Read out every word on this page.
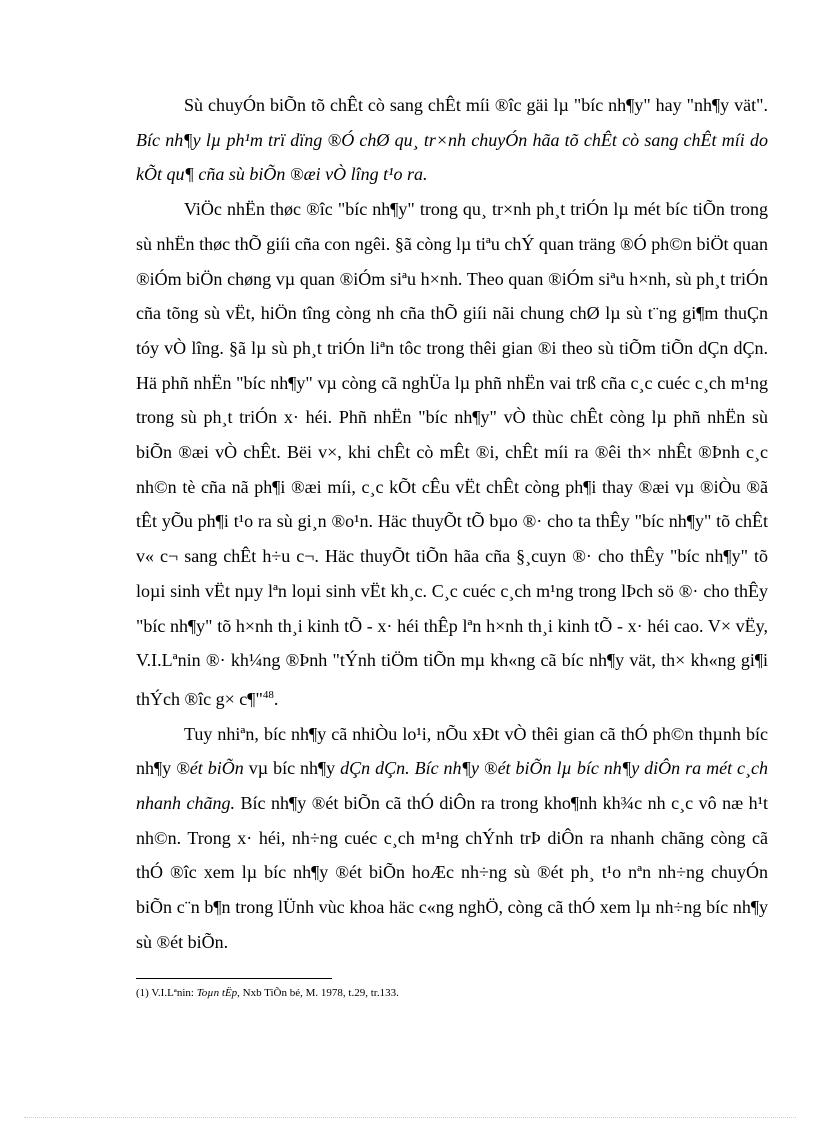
Sù chuyÓn biÕn tõ chÊt cò sang chÊt míi ®îc gäi lµ "bíc nh¶y" hay "nh¶y vät". Bíc nh¶y lµ ph¹m trï dïng ®Ó chØ qu¸ tr×nh chuyÓn hãa tõ chÊt cò sang chÊt míi do kÕt qu¶ cña sù biÕn ®æi vÒ lîng t¹o ra.

ViÖc nhËn thøc ®îc "bíc nh¶y" trong qu¸ tr×nh ph¸t triÓn lµ mét bíc tiÕn trong sù nhËn thøc thÕ giíi cña con ngêi. §ã còng lµ tiªu chÝ quan träng ®Ó ph©n biÖt quan ®iÓm biÖn chøng vµ quan ®iÓm siªu h×nh. Theo quan ®iÓm siªu h×nh, sù ph¸t triÓn cña tõng sù vËt, hiÖn tîng còng nh cña thÕ giíi nãi chung chØ lµ sù t¨ng gi¶m thuÇn tóy vÒ lîng. §ã lµ sù ph¸t triÓn liªn tôc trong thêi gian ®i theo sù tiÕm tiÕn dÇn dÇn. Hä phñ nhËn "bíc nh¶y" vµ còng cã nghÜa lµ phñ nhËn vai trß cña c¸c cuéc c¸ch m¹ng trong sù ph¸t triÓn x· héi. Phñ nhËn "bíc nh¶y" vÒ thùc chÊt còng lµ phñ nhËn sù biÕn ®æi vÒ chÊt. Bëi v×, khi chÊt cò mÊt ®i, chÊt míi ra ®êi th× nhÊt ®Þnh c¸c nh©n tè cña nã ph¶i ®æi míi, c¸c kÕt cÊu vËt chÊt còng ph¶i thay ®æi vµ ®iÒu ®ã tÊt yÕu ph¶i t¹o ra sù gi¸n ®o¹n. Häc thuyÕt tÕ bµo ®· cho ta thÊy "bíc nh¶y" tõ chÊt v« c¬ sang chÊt h÷u c¬. Häc thuyÕt tiÕn hãa cña §¸cuyn ®· cho thÊy "bíc nh¶y" tõ loµi sinh vËt nµy lªn loµi sinh vËt kh¸c. C¸c cuéc c¸ch m¹ng trong lÞch sö ®· cho thÊy "bíc nh¶y" tõ h×nh th¸i kinh tÕ - x· héi thÊp lªn h×nh th¸i kinh tÕ - x· héi cao. V× vËy, V.I.Lªnin ®· kh¼ng ®Þnh "tÝnh tiÖm tiÕn mµ kh«ng cã bíc nh¶y vät, th× kh«ng gi¶i thÝch ®îc g× c¶"$^{48}$.

Tuy nhiªn, bíc nh¶y cã nhiÒu lo¹i, nÕu xÐt vÒ thêi gian cã thÓ ph©n thµnh bíc nh¶y ®ét biÕn vµ bíc nh¶y dÇn dÇn. Bíc nh¶y ®ét biÕn lµ bíc nh¶y diÔn ra mét c¸ch nhanh chãng. Bíc nh¶y ®ét biÕn cã thÓ diÔn ra trong kho¶nh kh¾c nh c¸c vô næ h¹t nh©n. Trong x· héi, nh÷ng cuéc c¸ch m¹ng chÝnh trÞ diÔn ra nhanh chãng còng cã thÓ ®îc xem lµ bíc nh¶y ®ét biÕn hoÆc nh÷ng sù ®ét ph¸ t¹o nªn nh÷ng chuyÓn biÕn c¨n b¶n trong lÜnh vùc khoa häc c«ng nghÖ, còng cã thÓ xem lµ nh÷ng bíc nh¶y sù ®ét biÕn.

(1) V.I.Lªnin: Toµn tËp, Nxb TiÕn bé, M. 1978, t.29, tr.133.
